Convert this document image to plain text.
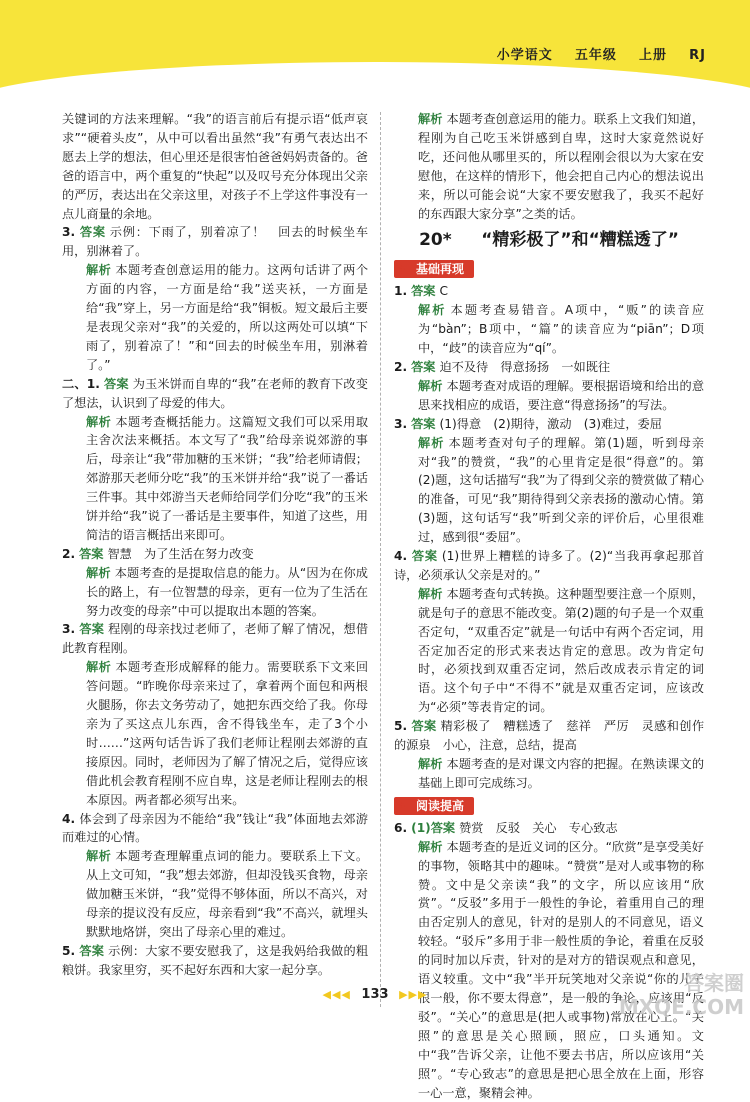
小学语文 五年级 上册 RJ

关键词的方法来理解。“我”的语言前后有提示语“低声哀求”“硬着头皮”，从中可以看出虽然“我”有勇气表达出不愿去上学的想法，但心里还是很害怕爸爸妈妈责备的。爸爸的语言中，两个重复的“快起”以及叹号充分体现出父亲的严厉，表达出在父亲这里，对孩子不上学这件事没有一点儿商量的余地。

3. 答案 示例：下雨了，别着凉了！　回去的时候坐车用，别淋着了。

解析 本题考查创意运用的能力。这两句话讲了两个方面的内容，一方面是给“我”送夹袄，一方面是给“我”穿上，另一方面是给“我”铜板。短文最后主要是表现父亲对“我”的关爱的，所以这两处可以填“下雨了，别着凉了！”和“回去的时候坐车用，别淋着了。”

二、1. 答案 为玉米饼而自卑的“我”在老师的教育下改变了想法，认识到了母爱的伟大。

解析 本题考查概括能力。这篇短文我们可以采用取主舍次法来概括。本文写了“我”给母亲说郊游的事后，母亲让“我”带加糖的玉米饼；“我”给老师请假；郊游那天老师分吃“我”的玉米饼并给“我”说了一番话三件事。其中郊游当天老师给同学们分吃“我”的玉米饼并给“我”说了一番话是主要事件，知道了这些，用简洁的语言概括出来即可。

2. 答案 智慧　为了生活在努力改变

解析 本题考查的是提取信息的能力。从“因为在你成长的路上，有一位智慧的母亲，更有一位为了生活在努力改变的母亲”中可以提取出本题的答案。

3. 答案 程刚的母亲找过老师了，老师了解了情况，想借此教育程刚。

解析 本题考查形成解释的能力。需要联系下文来回答问题。“昨晚你母亲来过了，拿着两个面包和两根火腿肠，你去文务劳动了，她把东西交给了我。你母亲为了买这点儿东西，舍不得钱坐车，走了3个小时……”这两句话告诉了我们老师让程刚去郊游的直接原因。同时，老师因为了解了情况之后，觉得应该借此机会教育程刚不应自卑，这是老师让程刚去的根本原因。两者都必须写出来。

4. 体会到了母亲因为不能给“我”钱让“我”体面地去郊游而难过的心情。

解析 本题考查理解重点词的能力。要联系上下文。从上文可知，“我”想去郊游，但却没钱买食物，母亲做加糖玉米饼，“我”觉得不够体面，所以不高兴，对母亲的提议没有反应，母亲看到“我”不高兴，就埋头默默地烙饼，突出了母亲心里的难过。

5. 答案 示例：大家不要安慰我了，这是我妈给我做的粗粮饼。我家里穷，买不起好东西和大家一起分享。

解析 本题考查创意运用的能力。联系上文我们知道，程刚为自己吃玉米饼感到自卑，这时大家竟然说好吃，还问他从哪里买的，所以程刚会很以为大家在安慰他，在这样的情形下，他会把自己内心的想法说出来，所以可能会说“大家不要安慰我了，我买不起好的东西跟大家分享”之类的话。

20* “精彩极了”和“糟糕透了”
✎ 基础再现

1. 答案 C

解析 本题考查易错音。A项中，“贩”的读音应为“bàn”；B项中，“篇”的读音应为“piān”；D项中，“歧”的读音应为“qí”。

2. 答案 迫不及待　得意扬扬　一如既往

解析 本题考查对成语的理解。要根据语境和给出的意思来找相应的成语，要注意“得意扬扬”的写法。

3. 答案 (1)得意　(2)期待，激动　(3)难过，委屈

解析 本题考查对句子的理解。第(1)题，听到母亲对“我”的赞赏，“我”的心里肯定是很“得意”的。第(2)题，这句话描写“我”为了得到父亲的赞赏做了精心的准备，可见“我”期待得到父亲表扬的激动心情。第(3)题，这句话写“我”听到父亲的评价后，心里很难过，感到很“委屈”。

4. 答案 (1)世界上糟糕的诗多了。(2)“当我再拿起那首诗，必须承认父亲是对的。”

解析 本题考查句式转换。这种题型要注意一个原则，就是句子的意思不能改变。第(2)题的句子是一个双重否定句，“双重否定”就是一句话中有两个否定词，用否定加否定的形式来表达肯定的意思。改为肯定句时，必须找到双重否定词，然后改成表示肯定的词语。这个句子中“不得不”就是双重否定词，应该改为“必须”等表肯定的词。

5. 答案 精彩极了　糟糕透了　慈祥　严厉　灵感和创作的源泉　小心，注意，总结，提高

解析 本题考查的是对课文内容的把握。在熟读课文的基础上即可完成练习。

✎ 阅读提高

6. (1)答案 赞赏　反驳　关心　专心致志

解析 本题考查的是近义词的区分。“欣赏”是享受美好的事物，领略其中的趣味。“赞赏”是对人或事物的称赞。文中是父亲读“我”的文字，所以应该用“欣赏”。“反驳”多用于一般性的争论，着重用自己的理由否定别人的意见，针对的是别人的不同意见，语义较轻。“驳斥”多用于非一般性质的争论，着重在反驳的同时加以斥责，针对的是对方的错误观点和意见，语义较重。文中“我”半开玩笑地对父亲说“你的儿子很一般，你不要太得意”，是一般的争论，应该用“反驳”。“关心”的意思是(把人或事物)常放在心上。“关照”的意思是关心照顾，照应，口头通知。文中“我”告诉父亲，让他不要去书店，所以应该用“关照”。“专心致志”的意思是把心思全放在上面，形容一心一意，聚精会神。

◀◀◀ 133 ▶▶▶	答案圈 MXQE.COM
